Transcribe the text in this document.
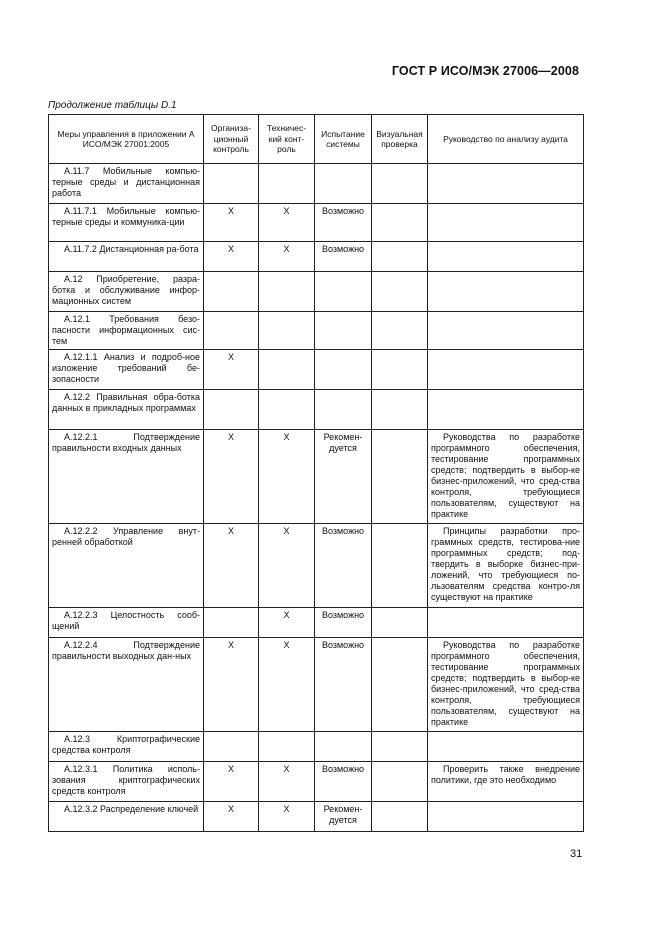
ГОСТ Р ИСО/МЭК 27006—2008
Продолжение таблицы D.1
Меры управления в приложении А ИСО/МЭК 27001:2005	Организа-ционный контроль	Техничес-кий конт-роль	Испытание системы	Визуальная проверка	Руководство по анализу аудита

А.11.7 Мобильные компью-терные среды и дистанционная работа					

А.11.7.1 Мобильные компью-терные среды и коммуника-ции	X	X	Возможно		

А.11.7.2 Дистанционная ра-бота	X	X	Возможно		

А.12 Приобретение, разра-ботка и обслуживание инфор-мационных систем					

А.12.1 Требования безо-пасности информационных сис-тем					

А.12.1.1 Анализ и подроб-ное изложение требований бе-зопасности	X				

А.12.2 Правильная обра-ботка данных в прикладных программах					

А.12.2.1 Подтверждение правильности входных данных	X	X	Рекомен-дуется		Руководства по разработке программного обеспечения, тестирование программных средств; подтвердить в выбор-ке бизнес-приложений, что сред-ства контроля, требующиеся пользователям, существуют на практике

А.12.2.2 Управление внут-ренней обработкой	X	X	Возможно		Принципы разработки про-граммных средств, тестирова-ние программных средств; под-твердить в выборке бизнес-при-ложений, что требующиеся по-льзователям средства контро-ля существуют на практике

А.12.2.3 Целостность сооб-щений		X	Возможно		

А.12.2.4 Подтверждение правильности выходных дан-ных	X	X	Возможно		Руководства по разработке программного обеспечения, тестирование программных средств; подтвердить в выбор-ке бизнес-приложений, что сред-ства контроля, требующиеся пользователям, существуют на практике

А.12.3 Криптографические средства контроля					

А.12.3.1 Политика исполь-зования криптографических средств контроля	X	X	Возможно		Проверить также внедрение политики, где это необходимо

А.12.3.2 Распределение ключей	X	X	Рекомен-дуется		
31
